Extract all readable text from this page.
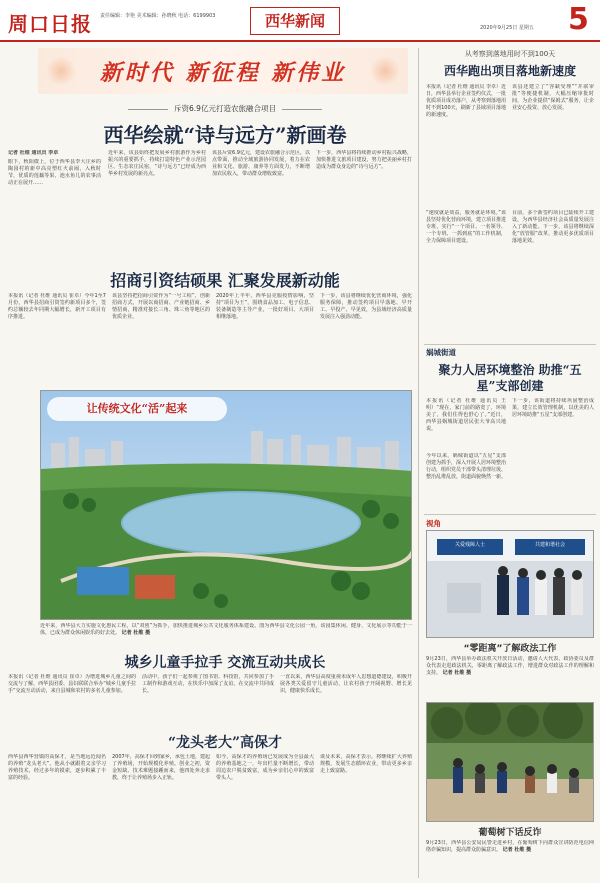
周口日报 责任编辑：李艳 美术编辑：孙晓秋 电话：6199903	西华新闻	2020年9月25日 星期五 5
新时代 新征程 新伟业
斥资6.9亿元打造农旅融合项目
西华绘就“诗与远方”新画卷
记者 杜维 通讯员 李卓
眼下，秋阳微上，位于西华县李大庄乡的陶园村的新中高亮塑红火前闹，入秋时节，优质的莲藕等果、池水鱼儿的农事活动正在展开……
近年来，该县始终把发展乡村旅游作为乡村振兴的重要抓手，持续打造特色产业示范园区、生态农庄民宿，“诗与远方”已经成为西华乡村发展的新亮点。
该县斥资6.9亿元，建设农旅融合示范区，以点带面，推动全域旅游协同发展，着力在农业和文化、旅游、康养等方面发力，不断增加农民收入，带动群众增收致富。
下一步，西华县将持续推动乡村振兴战略，加快推进文旅项目建设，努力把美丽乡村打造成为群众身边的“诗与远方”。
招商引资结硕果 汇聚发展新动能
本报讯（记者 杜维 通讯员 崔卓）今年1至7月份，西华县招商引资签约新项目多个，签约总额较去年同期大幅增长，新开工项目有序推进。
该县坚持把招商引资作为“一号工程”，创新招商方式，开展以商招商、产业链招商、乡情招商，精准对接长三角、珠三角等地区的优质企业。
2020年上半年，西华县克服疫情影响，坚持“项目为王”，围绕食品加工、电子信息、装备制造等主导产业，一批好项目、大项目相继落地。
下一步，该县将继续优化营商环境，强化服务保障，推动签约项目早落地、早开工、早投产、早见效，为县域经济高质量发展注入强劲动能。
让传统文化“活”起来
近年来，西华县大力实施文化惠民工程，以“双创”为抓手，加快推进城乡公共文化服务体系建设。图为西华县文化公园一角，该园集休闲、健身、文化展示等功能于一体，已成为群众休闲娱乐的好去处。 记者 杜维 摄
城乡儿童手拉手 交流互动共成长
本报讯（记者 杜维 通讯员 崔卓）为增进城乡儿童之间的交流与了解，西华县团委、县妇联联合举办“城乡儿童手拉手”交流互动活动，来自县城和农村的多名儿童参加。
活动中，孩子们一起参观了图书馆、科技馆，共同参加了手工制作和游戏互动，在快乐中加深了友谊，在交流中共同成长。
一直以来，西华县高度重视未成年人思想道德建设，积极开展各类关爱留守儿童活动，让农村孩子开阔视野、增长见识，健康快乐成长。
“龙头老大”高保才
西华县西华营镇的高保才，是当地远近闻名的养殖“龙头老大”。他从小就跟着父亲学习养殖技术，经过多年的摸索，逐步积累了丰富的经验。
2007年，高保才回到家乡，承包土地，建起了养殖场，开始规模化养殖。创业之初，资金短缺、技术难题接踵而来，他四处奔走求教，终于让养殖场步入正轨。
如今，高保才的养殖场已发展成为全县最大的养殖基地之一，年出栏量不断增长，带动周边农户脱贫致富，成为乡亲们心中的致富带头人。
谈及未来，高保才表示，将继续扩大养殖规模，发展生态循环农业，带动更多乡亲走上致富路。
从考察到落地用时不到100天
西华跑出项目落地新速度
本报讯（记者 杜维 通讯员 李卓）近日，西华县举行企业签约仪式，一批优质项目成功落户，从考察到落地用时不到100天，刷新了县域项目落地的新速度。
“速度就是效益，服务就是环境。”该县坚持优化营商环境，建立项目推进专班，实行“一个项目、一名领导、一个专班、一抓到底”的工作机制，全力保障项目建设。
该县还建立了“容缺受理”“并联审批”等便捷机制，大幅压缩审批时间，为企业提供“保姆式”服务，让企业安心投资、放心发展。
目前，多个新签约项目已陆续开工建设，为西华县经济社会高质量发展注入了新动能。下一步，该县将继续深化“放管服”改革，推动更多优质项目落地见效。
娲城街道
聚力人居环境整治 助推“五星”支部创建
本报讯（记者 杜维 通讯员 王明）“现在，家门前的路宽了，环境美了，我们住得也舒心了。”近日，西华县娲城街道居民张大爷高兴地说。
今年以来，娲城街道以“五星”支部创建为抓手，深入开展人居环境整治行动，组织党员干部带头清理垃圾、整治乱堆乱放，街道面貌焕然一新。
下一步，该街道将持续巩固整治成果，建立长效管理机制，以优美的人居环境助推“五星”支部创建。
视角
关爱残障人士	共建和谐社会
“零距离”了解政法工作
9月23日，西华县举办政法机关开放日活动，邀请人大代表、政协委员及群众代表走进政法机关，零距离了解政法工作，增进群众对政法工作的理解和支持。 记者 杜维 摄
葡萄树下话反诈
9月23日，西华县公安局民警走进乡村，在葡萄树下向群众宣讲防范电信网络诈骗知识，提高群众防骗意识。 记者 杜维 摄
